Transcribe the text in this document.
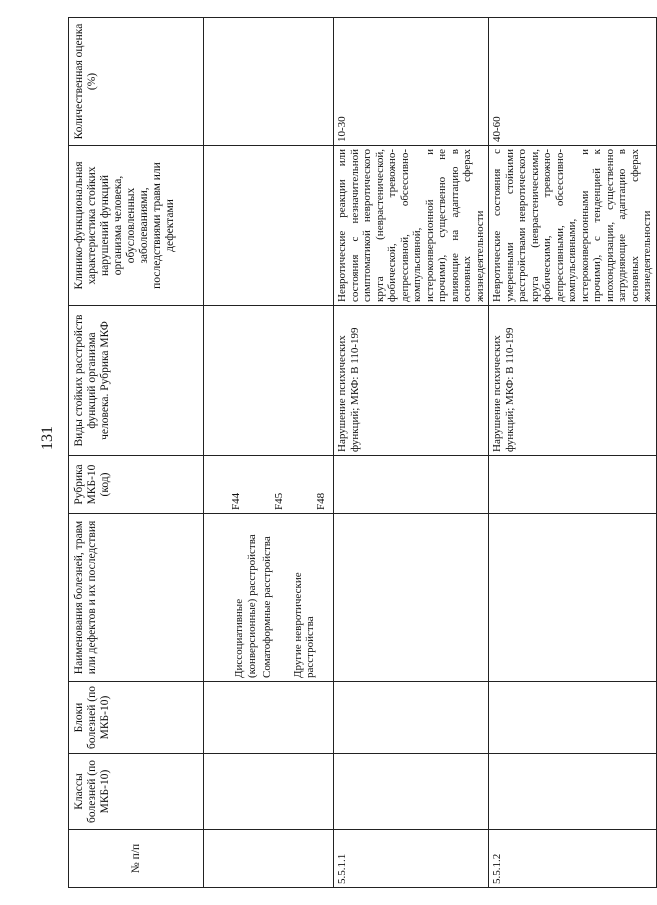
131
№ п/п	Классы болезней (по МКБ-10)	Блоки болезней (по МКБ-10)	Наименования болезней, травм или дефектов и их последствия	Рубрика МКБ-10 (код)	Виды стойких расстройств функций организма человека. Рубрика МКФ	Клинико-функциональная характеристика стойких нарушений функций организма человека, обусловленных заболеваниями, последствиями травм или дефектами	Количественная оценка (%)

			Диссоциативные (конверсионные) расстройства Соматоформные расстройства Другие невротические расстройства	F44 F45 F48			

5.5.1.1					Нарушение психических функций; МКФ: В 110-199	Невротические реакции или состояния с незначительной симптоматикой невротического круга (неврастенической, фобической, тревожно-депрессивной, обсессивно-компульсивной, истероконверсионной и прочими), существенно не влияющие на адаптацию в основных сферах жизнедеятельности	10-30
5.5.1.2					Нарушение психических функций; МКФ: В 110-199	Невротические состояния с умеренными стойкими расстройствами невротического круга (неврастеническими, фобическими, тревожно-депрессивными, обсессивно-компульсивными, истероконверсионными и прочими), с тенденцией к ипохондризации, существенно затрудняющие адаптацию в основных сферах жизнедеятельности	40-60
